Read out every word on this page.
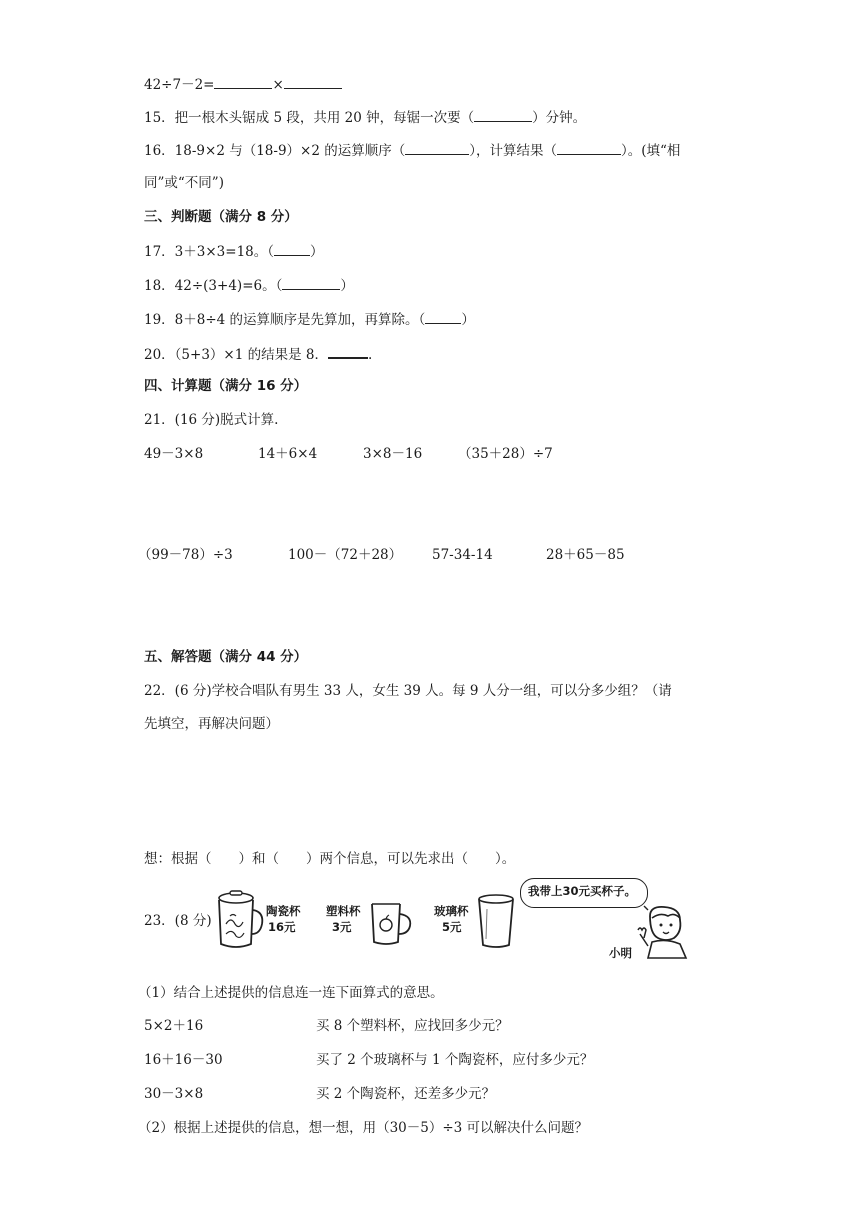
42÷7－2=	×
15．把一根木头锯成 5 段，共用 20 钟，每锯一次要（	）分钟。
16．18-9×2 与（18-9）×2 的运算顺序（	），计算结果（	）。(填“相
同”或“不同”)
三、判断题（满分 8 分）
17．3＋3×3=18。（	）
18．42÷(3+4)=6。（	）
19．8＋8÷4 的运算顺序是先算加，再算除。（	）
20．（5+3）×1 的结果是 8．	.
四、计算题（满分 16 分）
21．(16 分)脱式计算.
49－3×8	14＋6×4	3×8－16	（35＋28）÷7
（99－78）÷3	100－（72＋28） 57-34-14	28＋65－85
五、解答题（满分 44 分）
22．(6 分)学校合唱队有男生 33 人，女生 39 人。每 9 人分一组，可以分多少组？（请
先填空，再解决问题）
想：根据（　　）和（　　）两个信息，可以先求出（　　）。
23．(8 分)
陶瓷杯
16元
塑料杯
3元
玻璃杯
5元
我带上30元买杯子。
小明
（1）结合上述提供的信息连一连下面算式的意思。
5×2＋16	买 8 个塑料杯，应找回多少元？
16＋16－30	买了 2 个玻璃杯与 1 个陶瓷杯，应付多少元？
30－3×8	买 2 个陶瓷杯，还差多少元？
（2）根据上述提供的信息，想一想，用（30－5）÷3 可以解决什么问题？
